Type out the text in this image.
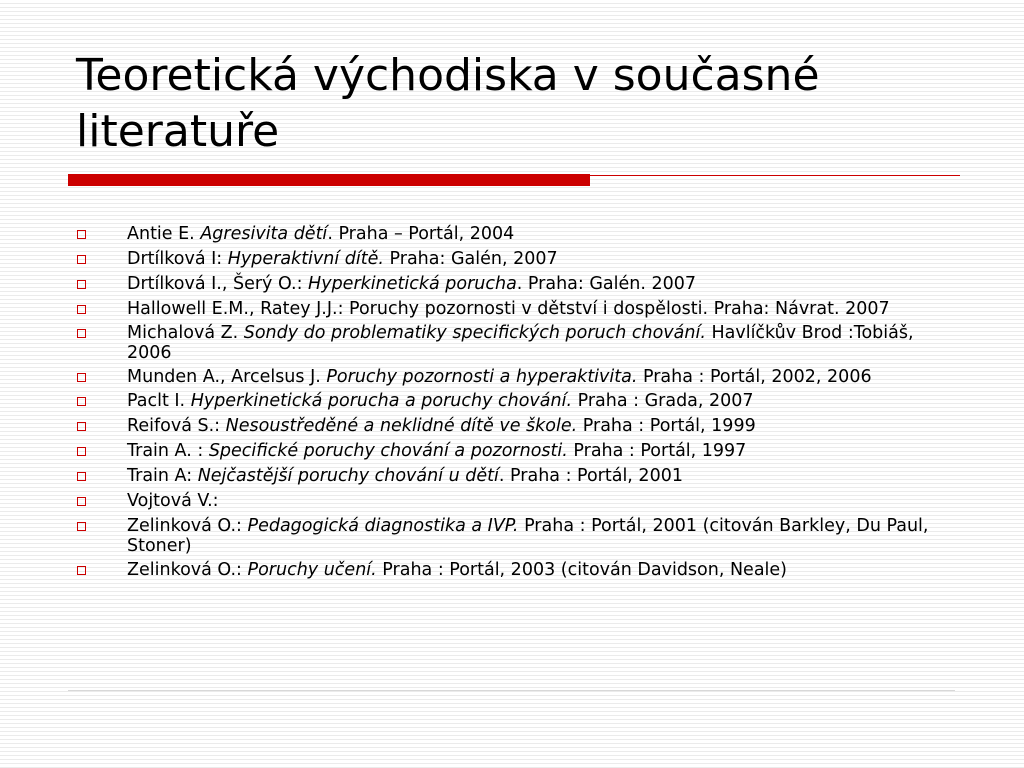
Teoretická východiska v současné literatuře
Antie E. Agresivita dětí. Praha – Portál, 2004
Drtílková I: Hyperaktivní dítě. Praha: Galén, 2007
Drtílková I., Šerý O.: Hyperkinetická porucha. Praha: Galén. 2007
Hallowell E.M., Ratey J.J.: Poruchy pozornosti v dětství i dospělosti. Praha: Návrat. 2007
Michalová Z. Sondy do problematiky specifických poruch chování. Havlíčkův Brod :Tobiáš, 2006
Munden A., Arcelsus J. Poruchy pozornosti a hyperaktivita. Praha : Portál, 2002, 2006
Paclt I. Hyperkinetická porucha a poruchy chování. Praha : Grada, 2007
Reifová S.: Nesoustředěné a neklidné dítě ve škole. Praha : Portál, 1999
Train A. : Specifické poruchy chování a pozornosti. Praha : Portál, 1997
Train A: Nejčastější poruchy chování u dětí. Praha : Portál, 2001
Vojtová V.:
Zelinková O.: Pedagogická diagnostika a IVP. Praha : Portál, 2001 (citován Barkley, Du Paul, Stoner)
Zelinková O.: Poruchy učení. Praha : Portál, 2003 (citován Davidson, Neale)
